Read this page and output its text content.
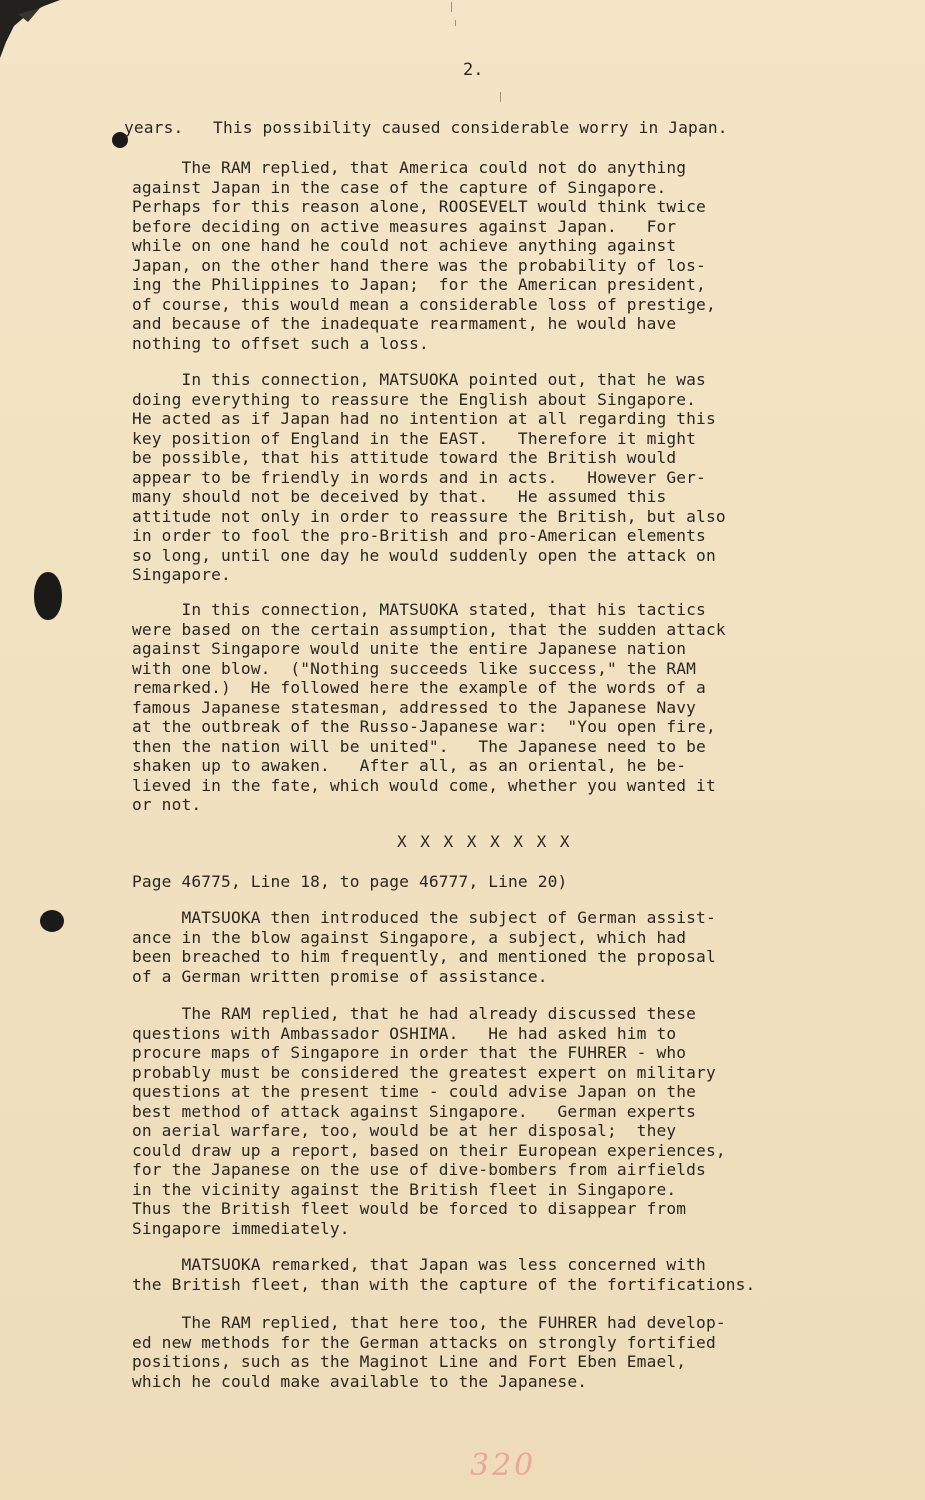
2.
years.   This possibility caused considerable worry in Japan.
The RAM replied, that America could not do anything
against Japan in the case of the capture of Singapore.
Perhaps for this reason alone, ROOSEVELT would think twice
before deciding on active measures against Japan.   For
while on one hand he could not achieve anything against
Japan, on the other hand there was the probability of los-
ing the Philippines to Japan;  for the American president,
of course, this would mean a considerable loss of prestige,
and because of the inadequate rearmament, he would have
nothing to offset such a loss.
In this connection, MATSUOKA pointed out, that he was
doing everything to reassure the English about Singapore.
He acted as if Japan had no intention at all regarding this
key position of England in the EAST.   Therefore it might
be possible, that his attitude toward the British would
appear to be friendly in words and in acts.   However Ger-
many should not be deceived by that.   He assumed this
attitude not only in order to reassure the British, but also
in order to fool the pro-British and pro-American elements
so long, until one day he would suddenly open the attack on
Singapore.
In this connection, MATSUOKA stated, that his tactics
were based on the certain assumption, that the sudden attack
against Singapore would unite the entire Japanese nation
with one blow.  ("Nothing succeeds like success," the RAM
remarked.)  He followed here the example of the words of a
famous Japanese statesman, addressed to the Japanese Navy
at the outbreak of the Russo-Japanese war:  "You open fire,
then the nation will be united".   The Japanese need to be
shaken up to awaken.   After all, as an oriental, he be-
lieved in the fate, which would come, whether you wanted it
or not.
X X X X X X X X
Page 46775, Line 18, to page 46777, Line 20)
MATSUOKA then introduced the subject of German assist-
ance in the blow against Singapore, a subject, which had
been breached to him frequently, and mentioned the proposal
of a German written promise of assistance.
The RAM replied, that he had already discussed these
questions with Ambassador OSHIMA.   He had asked him to
procure maps of Singapore in order that the FUHRER - who
probably must be considered the greatest expert on military
questions at the present time - could advise Japan on the
best method of attack against Singapore.   German experts
on aerial warfare, too, would be at her disposal;  they
could draw up a report, based on their European experiences,
for the Japanese on the use of dive-bombers from airfields
in the vicinity against the British fleet in Singapore.
Thus the British fleet would be forced to disappear from
Singapore immediately.
MATSUOKA remarked, that Japan was less concerned with
the British fleet, than with the capture of the fortifications.
The RAM replied, that here too, the FUHRER had develop-
ed new methods for the German attacks on strongly fortified
positions, such as the Maginot Line and Fort Eben Emael,
which he could make available to the Japanese.
320
